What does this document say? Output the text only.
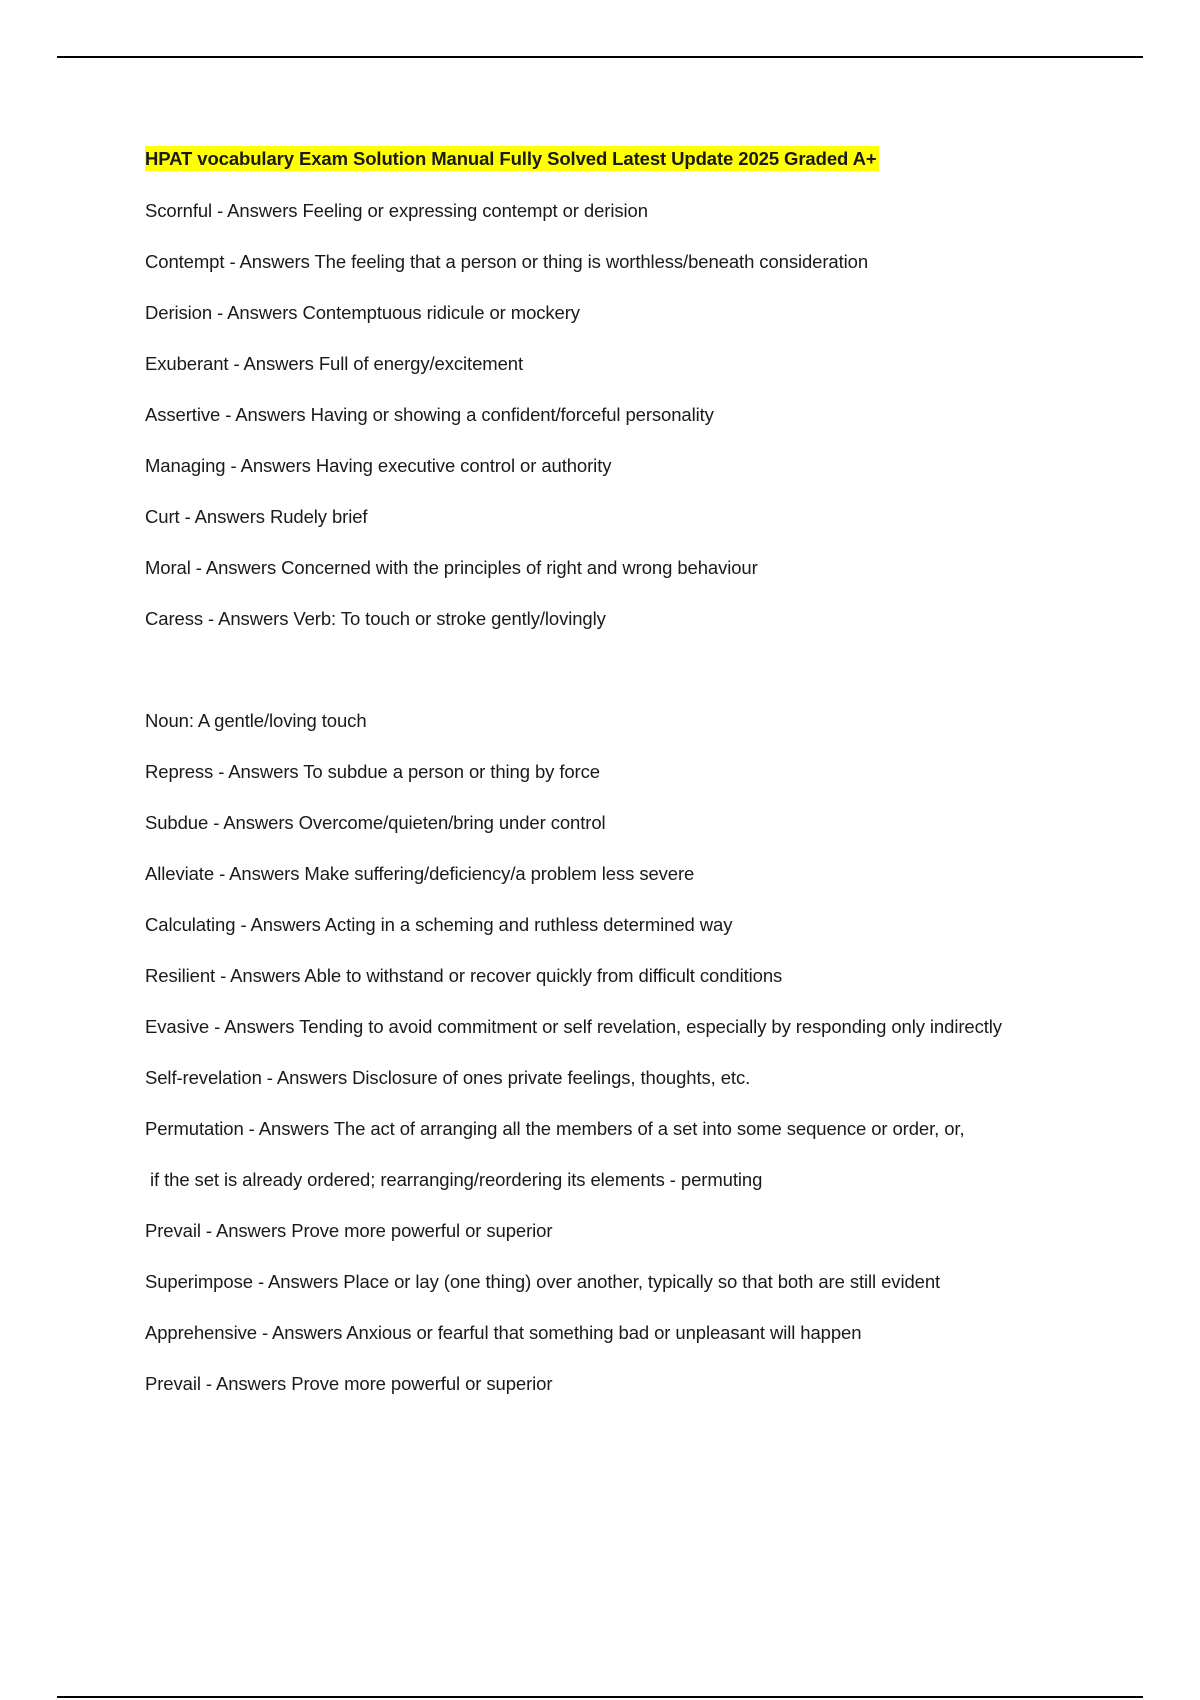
HPAT vocabulary Exam Solution Manual Fully Solved Latest Update 2025 Graded A+
Scornful - Answers Feeling or expressing contempt or derision
Contempt - Answers The feeling that a person or thing is worthless/beneath consideration
Derision - Answers Contemptuous ridicule or mockery
Exuberant - Answers Full of energy/excitement
Assertive - Answers Having or showing a confident/forceful personality
Managing - Answers Having executive control or authority
Curt - Answers Rudely brief
Moral - Answers Concerned with the principles of right and wrong behaviour
Caress - Answers Verb: To touch or stroke gently/lovingly
Noun: A gentle/loving touch
Repress - Answers To subdue a person or thing by force
Subdue - Answers Overcome/quieten/bring under control
Alleviate - Answers Make suffering/deficiency/a problem less severe
Calculating - Answers Acting in a scheming and ruthless determined way
Resilient - Answers Able to withstand or recover quickly from difficult conditions
Evasive - Answers Tending to avoid commitment or self revelation, especially by responding only indirectly
Self-revelation - Answers Disclosure of ones private feelings, thoughts, etc.
Permutation - Answers The act of arranging all the members of a set into some sequence or order, or,
if the set is already ordered; rearranging/reordering its elements - permuting
Prevail - Answers Prove more powerful or superior
Superimpose - Answers Place or lay (one thing) over another, typically so that both are still evident
Apprehensive - Answers Anxious or fearful that something bad or unpleasant will happen
Prevail - Answers Prove more powerful or superior
